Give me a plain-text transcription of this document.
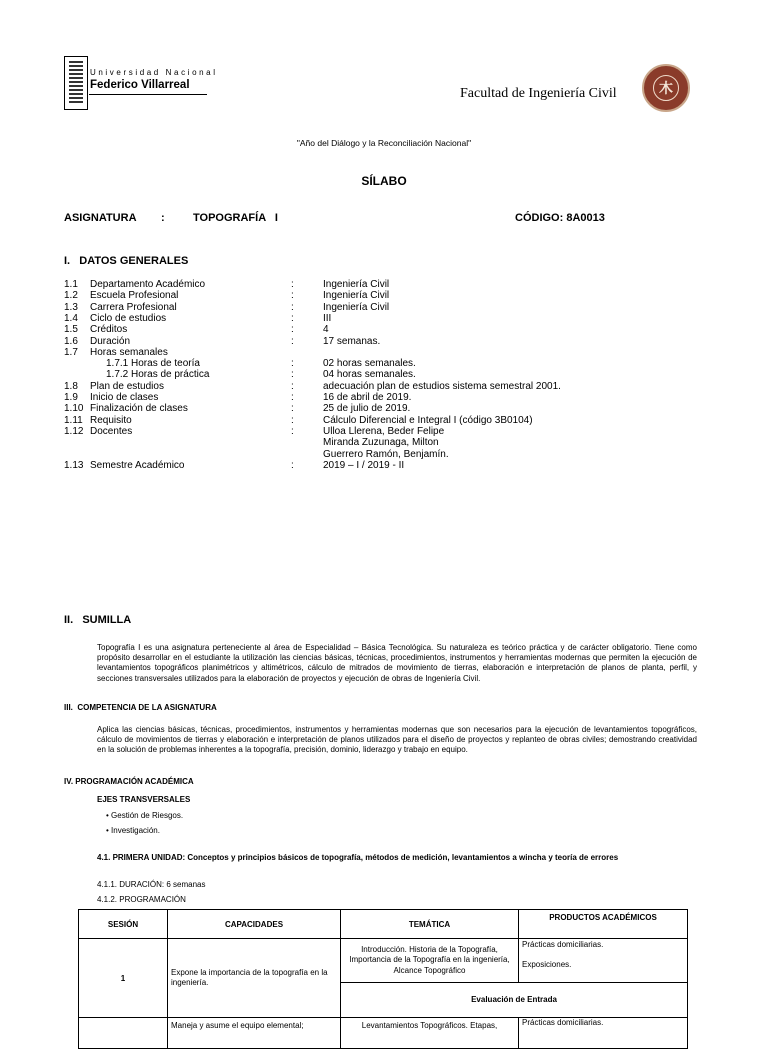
Universidad Nacional
Federico Villarreal
Facultad de Ingeniería Civil	木
"Año del Diálogo y la Reconciliación Nacional"
SÍLABO
ASIGNATURA :	TOPOGRAFÍA   I	CÓDIGO: 8A0013
I.   DATOS GENERALES
1.1 Departamento Académico	:	Ingeniería Civil
1.2 Escuela Profesional	:	Ingeniería Civil
1.3 Carrera Profesional	:	Ingeniería Civil
1.4 Ciclo de estudios	:	III
1.5 Créditos	:	4
1.6 Duración	:	17 semanas.
1.7 Horas semanales
1.7.1 Horas de teoría	:	02 horas semanales.
1.7.2 Horas de práctica	:	04 horas semanales.
1.8 Plan de estudios	:	adecuación plan de estudios sistema semestral 2001.
1.9 Inicio de clases	:	16 de abril de 2019.
1.10 Finalización de clases	:	25 de julio de 2019.
1.11 Requisito	:	Cálculo Diferencial e Integral I (código 3B0104)
1.12 Docentes	:	Ulloa Llerena, Beder Felipe
Miranda Zuzunaga, Milton
Guerrero Ramón, Benjamín.
1.13 Semestre Académico	:	2019 – I / 2019 - II
II.   SUMILLA
Topografía I es una asignatura perteneciente al área de Especialidad – Básica Tecnológica. Su naturaleza es teórico práctica y de carácter obligatorio. Tiene como propósito desarrollar en el estudiante la utilización las ciencias básicas, técnicas, procedimientos, instrumentos y herramientas modernas que permiten la ejecución de levantamientos topográficos planimétricos y altimétricos, cálculo de mitrados de movimiento de tierras, elaboración e interpretación de planos de planta, perfil, y secciones transversales utilizados para la elaboración de proyectos y ejecución de obras de Ingeniería Civil.
III.  COMPETENCIA DE LA ASIGNATURA
Aplica las ciencias básicas, técnicas, procedimientos, instrumentos y herramientas modernas que son necesarios para la ejecución de levantamientos topográficos, cálculo de movimientos de tierras y elaboración e interpretación de planos utilizados para el diseño de proyectos y replanteo de obras civiles; demostrando creatividad en la solución de problemas inherentes a la topografía, precisión, dominio, liderazgo y trabajo en equipo.
IV. PROGRAMACIÓN ACADÉMICA
EJES TRANSVERSALES
• Gestión de Riesgos.
• Investigación.
4.1. PRIMERA UNIDAD: Conceptos y principios básicos de topografía, métodos de medición, levantamientos a wincha y teoría de errores
4.1.1. DURACIÓN: 6 semanas
4.1.2. PROGRAMACIÓN
SESIÓN	CAPACIDADES	TEMÁTICA	PRODUCTOS ACADÉMICOS
1	Expone la importancia de la topografía en la ingeniería.	Introducción. Historia de la Topografía, Importancia de la Topografía en la ingeniería, Alcance Topográfico	Prácticas domiciliarias.
Exposiciones.

		Evaluación de Entrada	
	Maneja y asume el equipo elemental;	Levantamientos Topográficos. Etapas,	Prácticas domiciliarias.
